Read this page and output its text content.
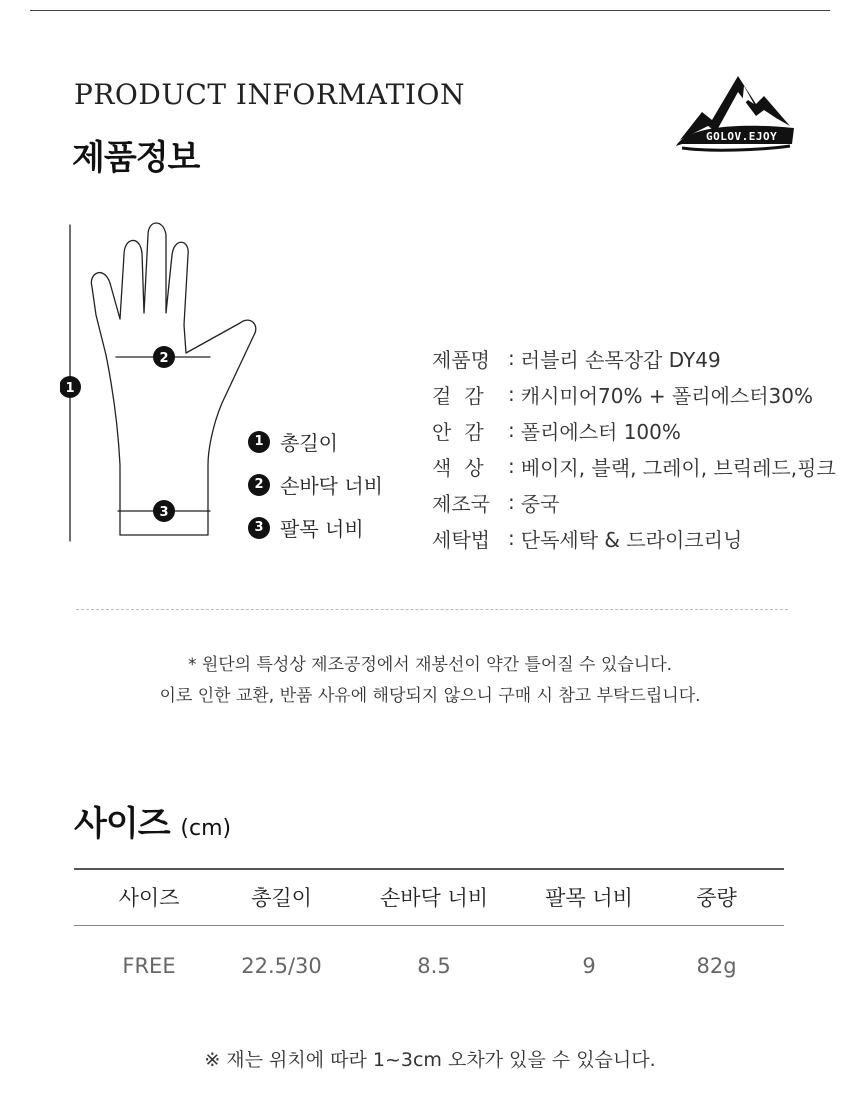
PRODUCT INFORMATION
제품정보
GOLOV.EJOY
1
2
3
1 총길이
2 손바닥 너비
3 팔목 너비
제품명 : 러블리 손목장갑 DY49
겉감 : 캐시미어70% + 폴리에스터30%
안감 : 폴리에스터 100%
색상 : 베이지, 블랙, 그레이, 브릭레드,핑크
제조국 : 중국
세탁법 : 단독세탁 & 드라이크리닝
* 원단의 특성상 제조공정에서 재봉선이 약간 틀어질 수 있습니다.
이로 인한 교환, 반품 사유에 해당되지 않으니 구매 시 참고 부탁드립니다.
사이즈 (cm)
사이즈	총길이	손바닥 너비	팔목 너비	중량
FREE	22.5/30	8.5	9	82g
※ 재는 위치에 따라 1~3cm 오차가 있을 수 있습니다.
